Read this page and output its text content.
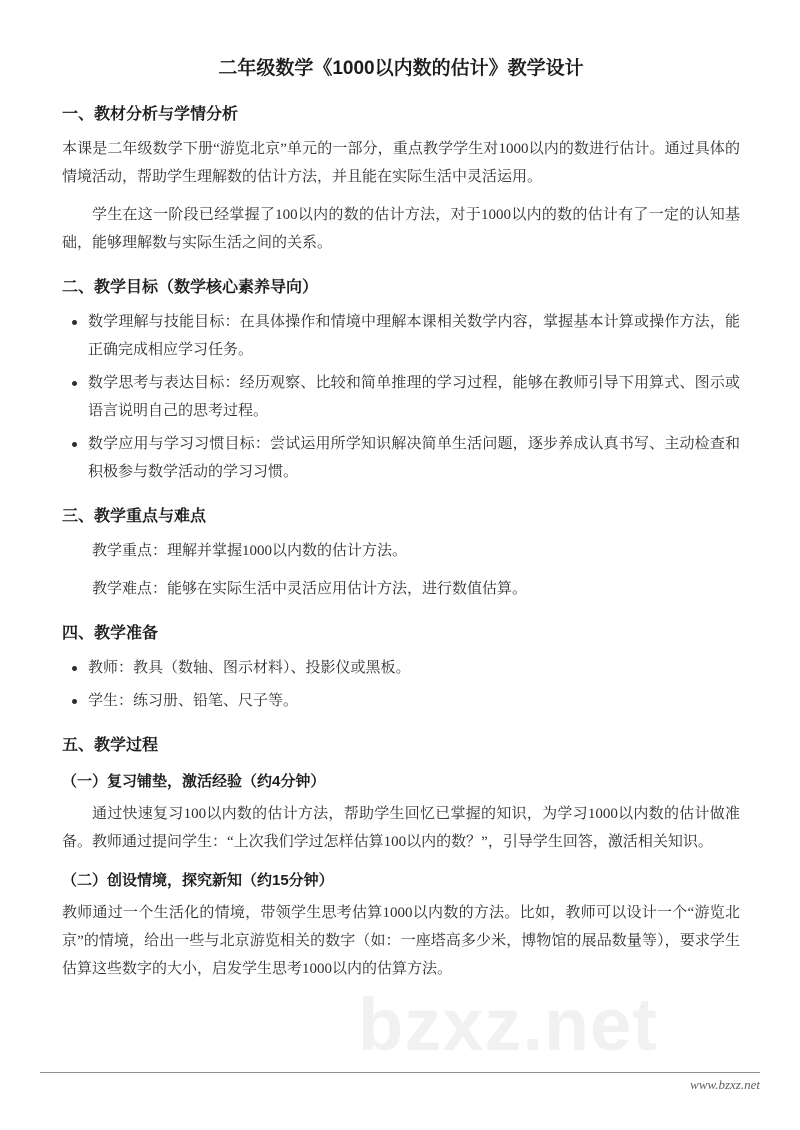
bzxz.net
二年级数学《1000以内数的估计》教学设计
一、教材分析与学情分析

本课是二年级数学下册“游览北京”单元的一部分，重点教学学生对1000以内的数进行估计。通过具体的情境活动，帮助学生理解数的估计方法，并且能在实际生活中灵活运用。

学生在这一阶段已经掌握了100以内的数的估计方法，对于1000以内的数的估计有了一定的认知基础，能够理解数与实际生活之间的关系。

二、教学目标（数学核心素养导向）
数学理解与技能目标：在具体操作和情境中理解本课相关数学内容，掌握基本计算或操作方法，能正确完成相应学习任务。
数学思考与表达目标：经历观察、比较和简单推理的学习过程，能够在教师引导下用算式、图示或语言说明自己的思考过程。
数学应用与学习习惯目标：尝试运用所学知识解决简单生活问题，逐步养成认真书写、主动检查和积极参与数学活动的学习习惯。
三、教学重点与难点

教学重点：理解并掌握1000以内数的估计方法。

教学难点：能够在实际生活中灵活应用估计方法，进行数值估算。

四、教学准备
教师：教具（数轴、图示材料）、投影仪或黑板。
学生：练习册、铅笔、尺子等。
五、教学过程
（一）复习铺垫，激活经验（约4分钟）

通过快速复习100以内数的估计方法，帮助学生回忆已掌握的知识，为学习1000以内数的估计做准备。教师通过提问学生：“上次我们学过怎样估算100以内的数？”，引导学生回答，激活相关知识。

（二）创设情境，探究新知（约15分钟）

教师通过一个生活化的情境，带领学生思考估算1000以内数的方法。比如，教师可以设计一个“游览北京”的情境，给出一些与北京游览相关的数字（如：一座塔高多少米，博物馆的展品数量等），要求学生估算这些数字的大小，启发学生思考1000以内的估算方法。

www.bzxz.net
